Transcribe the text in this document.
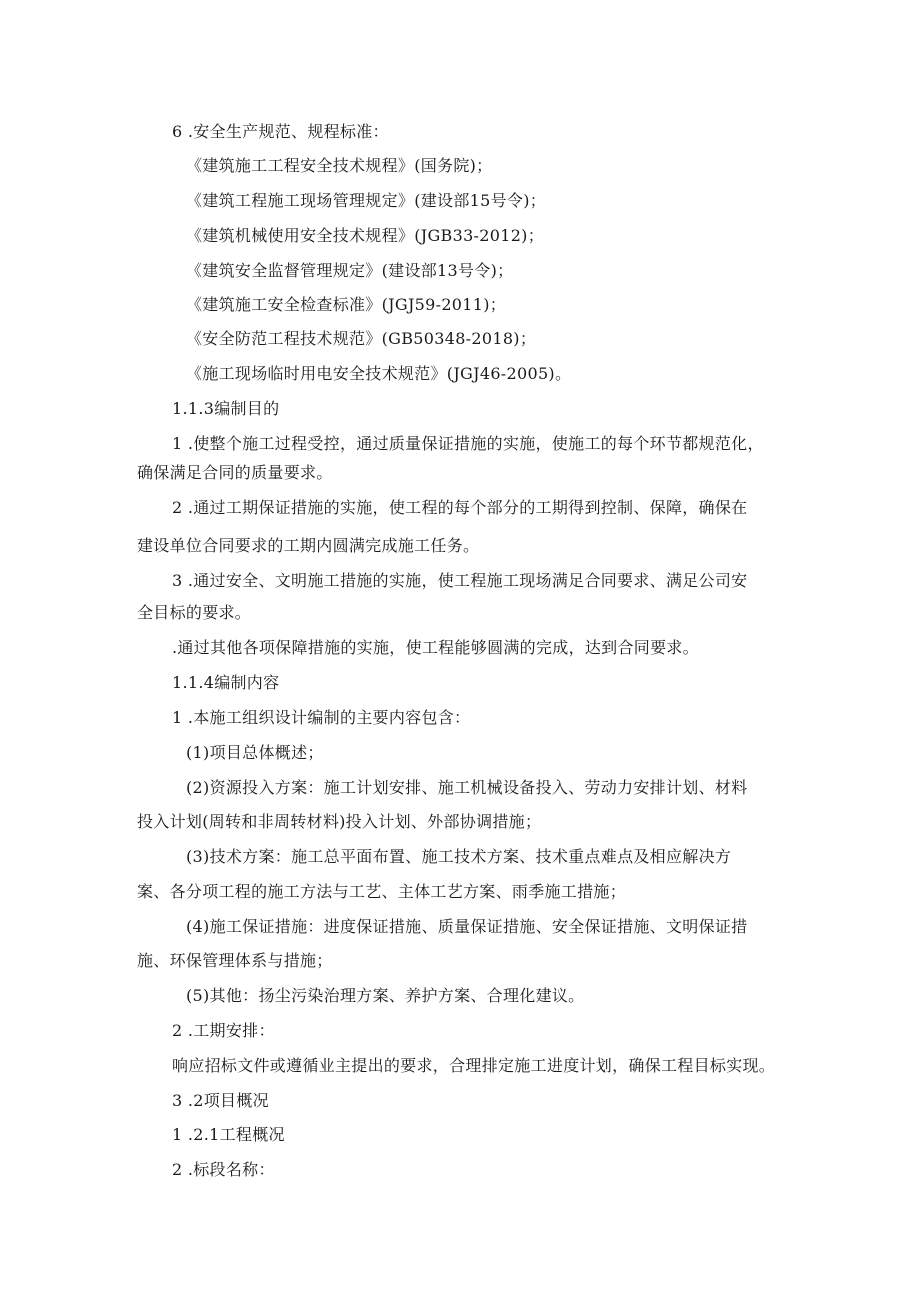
6 .安全生产规范、规程标准：
《建筑施工工程安全技术规程》(国务院)；
《建筑工程施工现场管理规定》(建设部15号令)；
《建筑机械使用安全技术规程》(JGB33-2012)；
《建筑安全监督管理规定》(建设部13号令)；
《建筑施工安全检查标准》(JGJ59-2011)；
《安全防范工程技术规范》(GB50348-2018)；
《施工现场临时用电安全技术规范》(JGJ46-2005)。
1.1.3编制目的
1 .使整个施工过程受控，通过质量保证措施的实施，使施工的每个环节都规范化，
确保满足合同的质量要求。
2 .通过工期保证措施的实施，使工程的每个部分的工期得到控制、保障，确保在
建设单位合同要求的工期内圆满完成施工任务。
3 .通过安全、文明施工措施的实施，使工程施工现场满足合同要求、满足公司安
全目标的要求。
.通过其他各项保障措施的实施，使工程能够圆满的完成，达到合同要求。
1.1.4编制内容
1 .本施工组织设计编制的主要内容包含：
(1)项目总体概述；
(2)资源投入方案：施工计划安排、施工机械设备投入、劳动力安排计划、材料
投入计划(周转和非周转材料)投入计划、外部协调措施；
(3)技术方案：施工总平面布置、施工技术方案、技术重点难点及相应解决方
案、各分项工程的施工方法与工艺、主体工艺方案、雨季施工措施；
(4)施工保证措施：进度保证措施、质量保证措施、安全保证措施、文明保证措
施、环保管理体系与措施；
(5)其他：扬尘污染治理方案、养护方案、合理化建议。
2 .工期安排：
响应招标文件或遵循业主提出的要求，合理排定施工进度计划，确保工程目标实现。
3 .2项目概况
1 .2.1工程概况
2 .标段名称：
